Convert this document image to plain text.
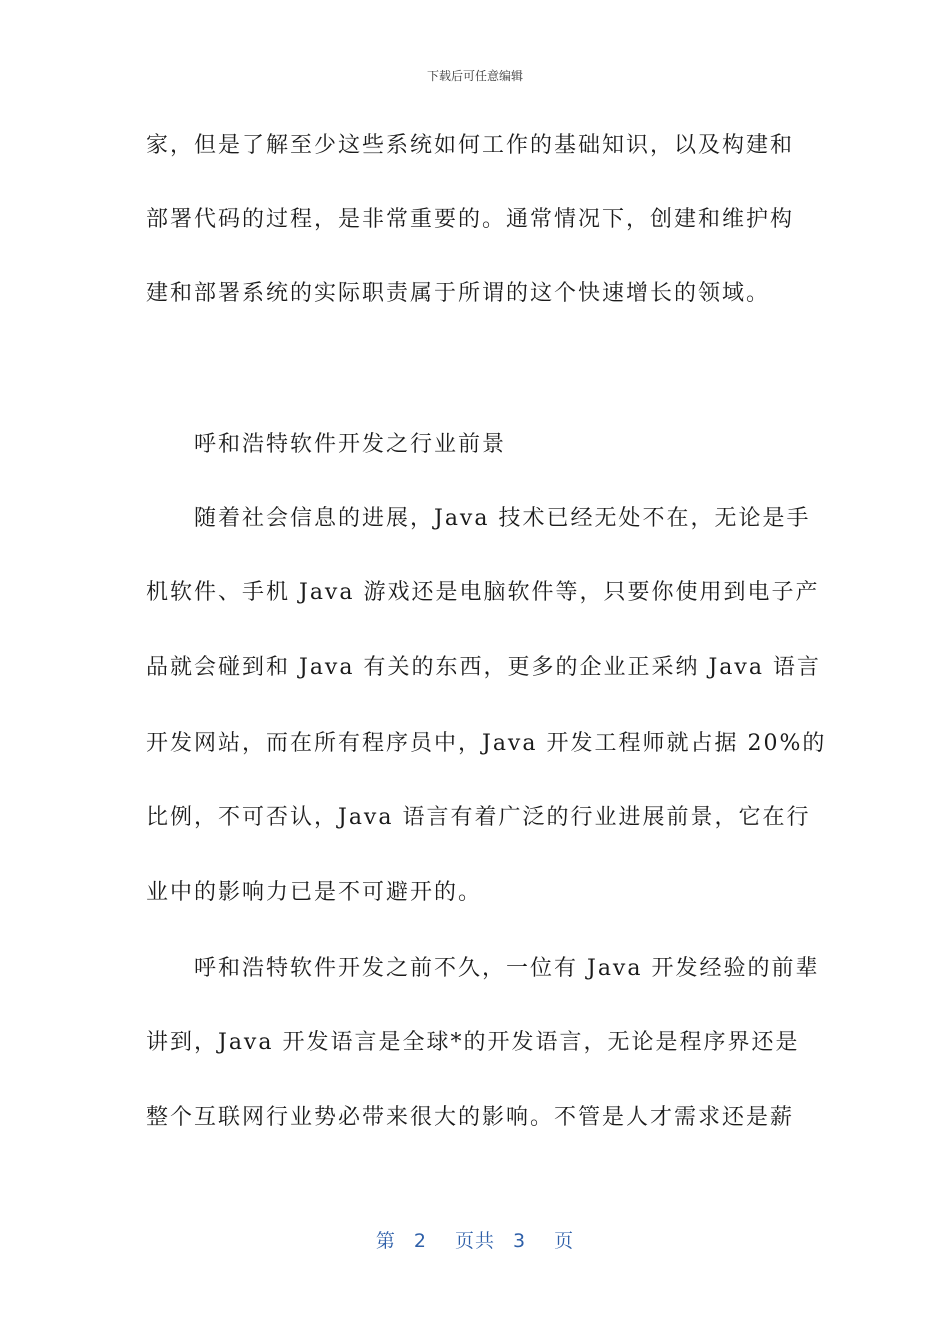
下载后可任意编辑
家，但是了解至少这些系统如何工作的基础知识，以及构建和
部署代码的过程，是非常重要的。通常情况下，创建和维护构
建和部署系统的实际职责属于所谓的这个快速增长的领域。
呼和浩特软件开发之行业前景
随着社会信息的进展，Java 技术已经无处不在，无论是手
机软件、手机 Java 游戏还是电脑软件等，只要你使用到电子产
品就会碰到和 Java 有关的东西，更多的企业正采纳 Java 语言
开发网站，而在所有程序员中，Java 开发工程师就占据 20%的
比例，不可否认，Java 语言有着广泛的行业进展前景，它在行
业中的影响力已是不可避开的。
呼和浩特软件开发之前不久，一位有 Java 开发经验的前辈
讲到，Java 开发语言是全球*的开发语言，无论是程序界还是
整个互联网行业势必带来很大的影响。不管是人才需求还是薪
第 2 页共 3 页
